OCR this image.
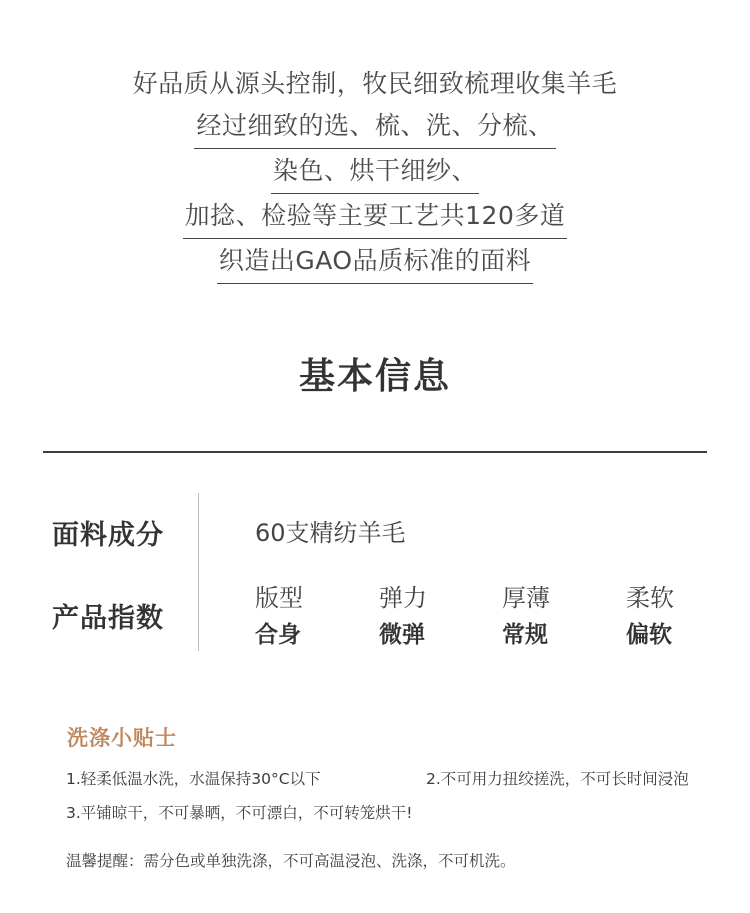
好品质从源头控制，牧民细致梳理收集羊毛
经过细致的选、梳、洗、分梳、
染色、烘干细纱、
加捻、检验等主要工艺共120多道
织造出GAO品质标准的面料
基本信息
面料成分	60支精纺羊毛
产品指数
版型
合身
弹力
微弹
厚薄
常规
柔软
偏软
洗涤小贴士
1.轻柔低温水洗，水温保持30°C以下	2.不可用力扭绞搓洗，不可长时间浸泡
3.平铺晾干，不可暴晒，不可漂白，不可转笼烘干!
温馨提醒：需分色或单独洗涤，不可高温浸泡、洗涤，不可机洗。
